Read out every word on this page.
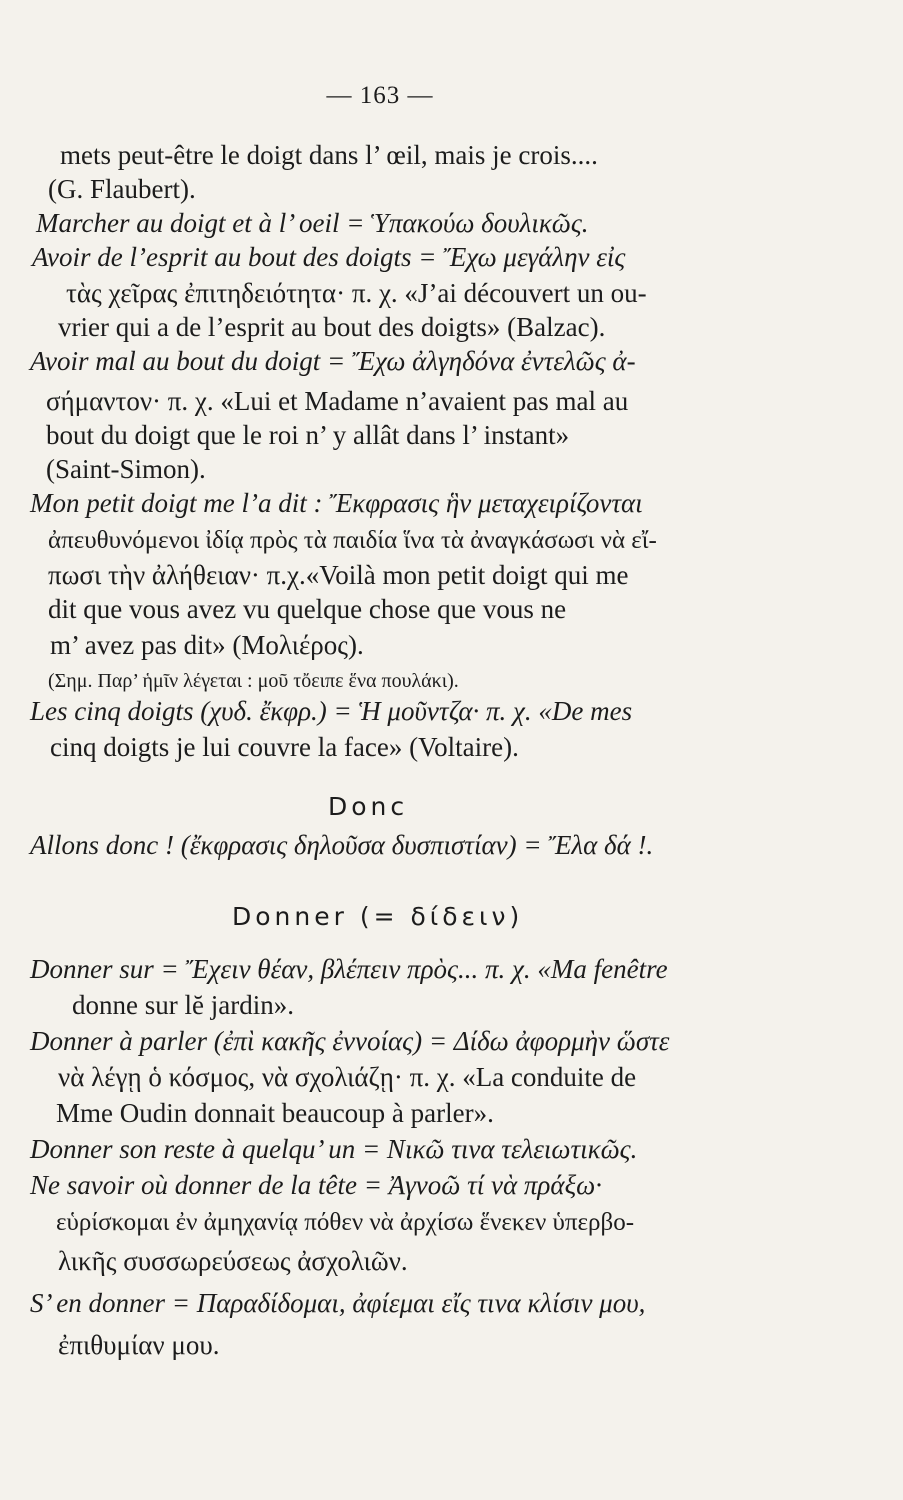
— 163 —
mets peut-être le doigt dans l’ œil, mais je crois....
(G. Flaubert).
Marcher au doigt et à l’ oeil = Ὑπακούω δουλικῶς.
Avoir de l’esprit au bout des doigts = Ἔχω μεγάλην εἰς
τὰς χεῖρας ἐπιτηδειότητα· π. χ. «J’ai découvert un ou-
vrier qui a de l’esprit au bout des doigts» (Balzac).
Avoir mal au bout du doigt = Ἔχω ἀλγηδόνα ἐντελῶς ἀ-
σήμαντον· π. χ. «Lui et Madame n’avaient pas mal au
bout du doigt que le roi n’ y allât dans l’ instant»
(Saint-Simon).
Mon petit doigt me l’a dit : Ἔκφρασις ἣν μεταχειρίζονται
ἀπευθυνόμενοι ἰδίᾳ πρὸς τὰ παιδία ἵνα τὰ ἀναγκάσωσι νὰ εἴ-
πωσι τὴν ἀλήθειαν· π.χ.«Voilà mon petit doigt qui me
dit que vous avez vu quelque chose que vous ne
m’ avez pas dit» (Μολιέρος).
(Σημ. Παρ’ ἡμῖν λέγεται : μοῦ τὄειπε ἕνα πουλάκι).
Les cinq doigts (χυδ. ἔκφρ.) = Ἡ μοῦντζα· π. χ. «De mes
cinq doigts je lui couvre la face» (Voltaire).
Donc
Allons donc ! (ἔκφρασις δηλοῦσα δυσπιστίαν) = Ἔλα δά !.
Donner (= δίδειν)
Donner sur = Ἔχειν θέαν, βλέπειν πρὸς... π. χ. «Ma fenêtre
donne sur lĕ jardin».
Donner à parler (ἐπὶ κακῆς ἐννοίας) = Δίδω ἀφορμὴν ὥστε
νὰ λέγῃ ὁ κόσμος, νὰ σχολιάζῃ· π. χ. «La conduite de
Mme Oudin donnait beaucoup à parler».
Donner son reste à quelqu’ un = Νικῶ τινα τελειωτικῶς.
Ne savoir où donner de la tête = Ἀγνοῶ τί νὰ πράξω·
εὑρίσκομαι ἐν ἀμηχανίᾳ πόθεν νὰ ἀρχίσω ἕνεκεν ὑπερβο-
λικῆς συσσωρεύσεως ἀσχολιῶν.
S’ en donner = Παραδίδομαι, ἀφίεμαι εἴς τινα κλίσιν μου,
ἐπιθυμίαν μου.
